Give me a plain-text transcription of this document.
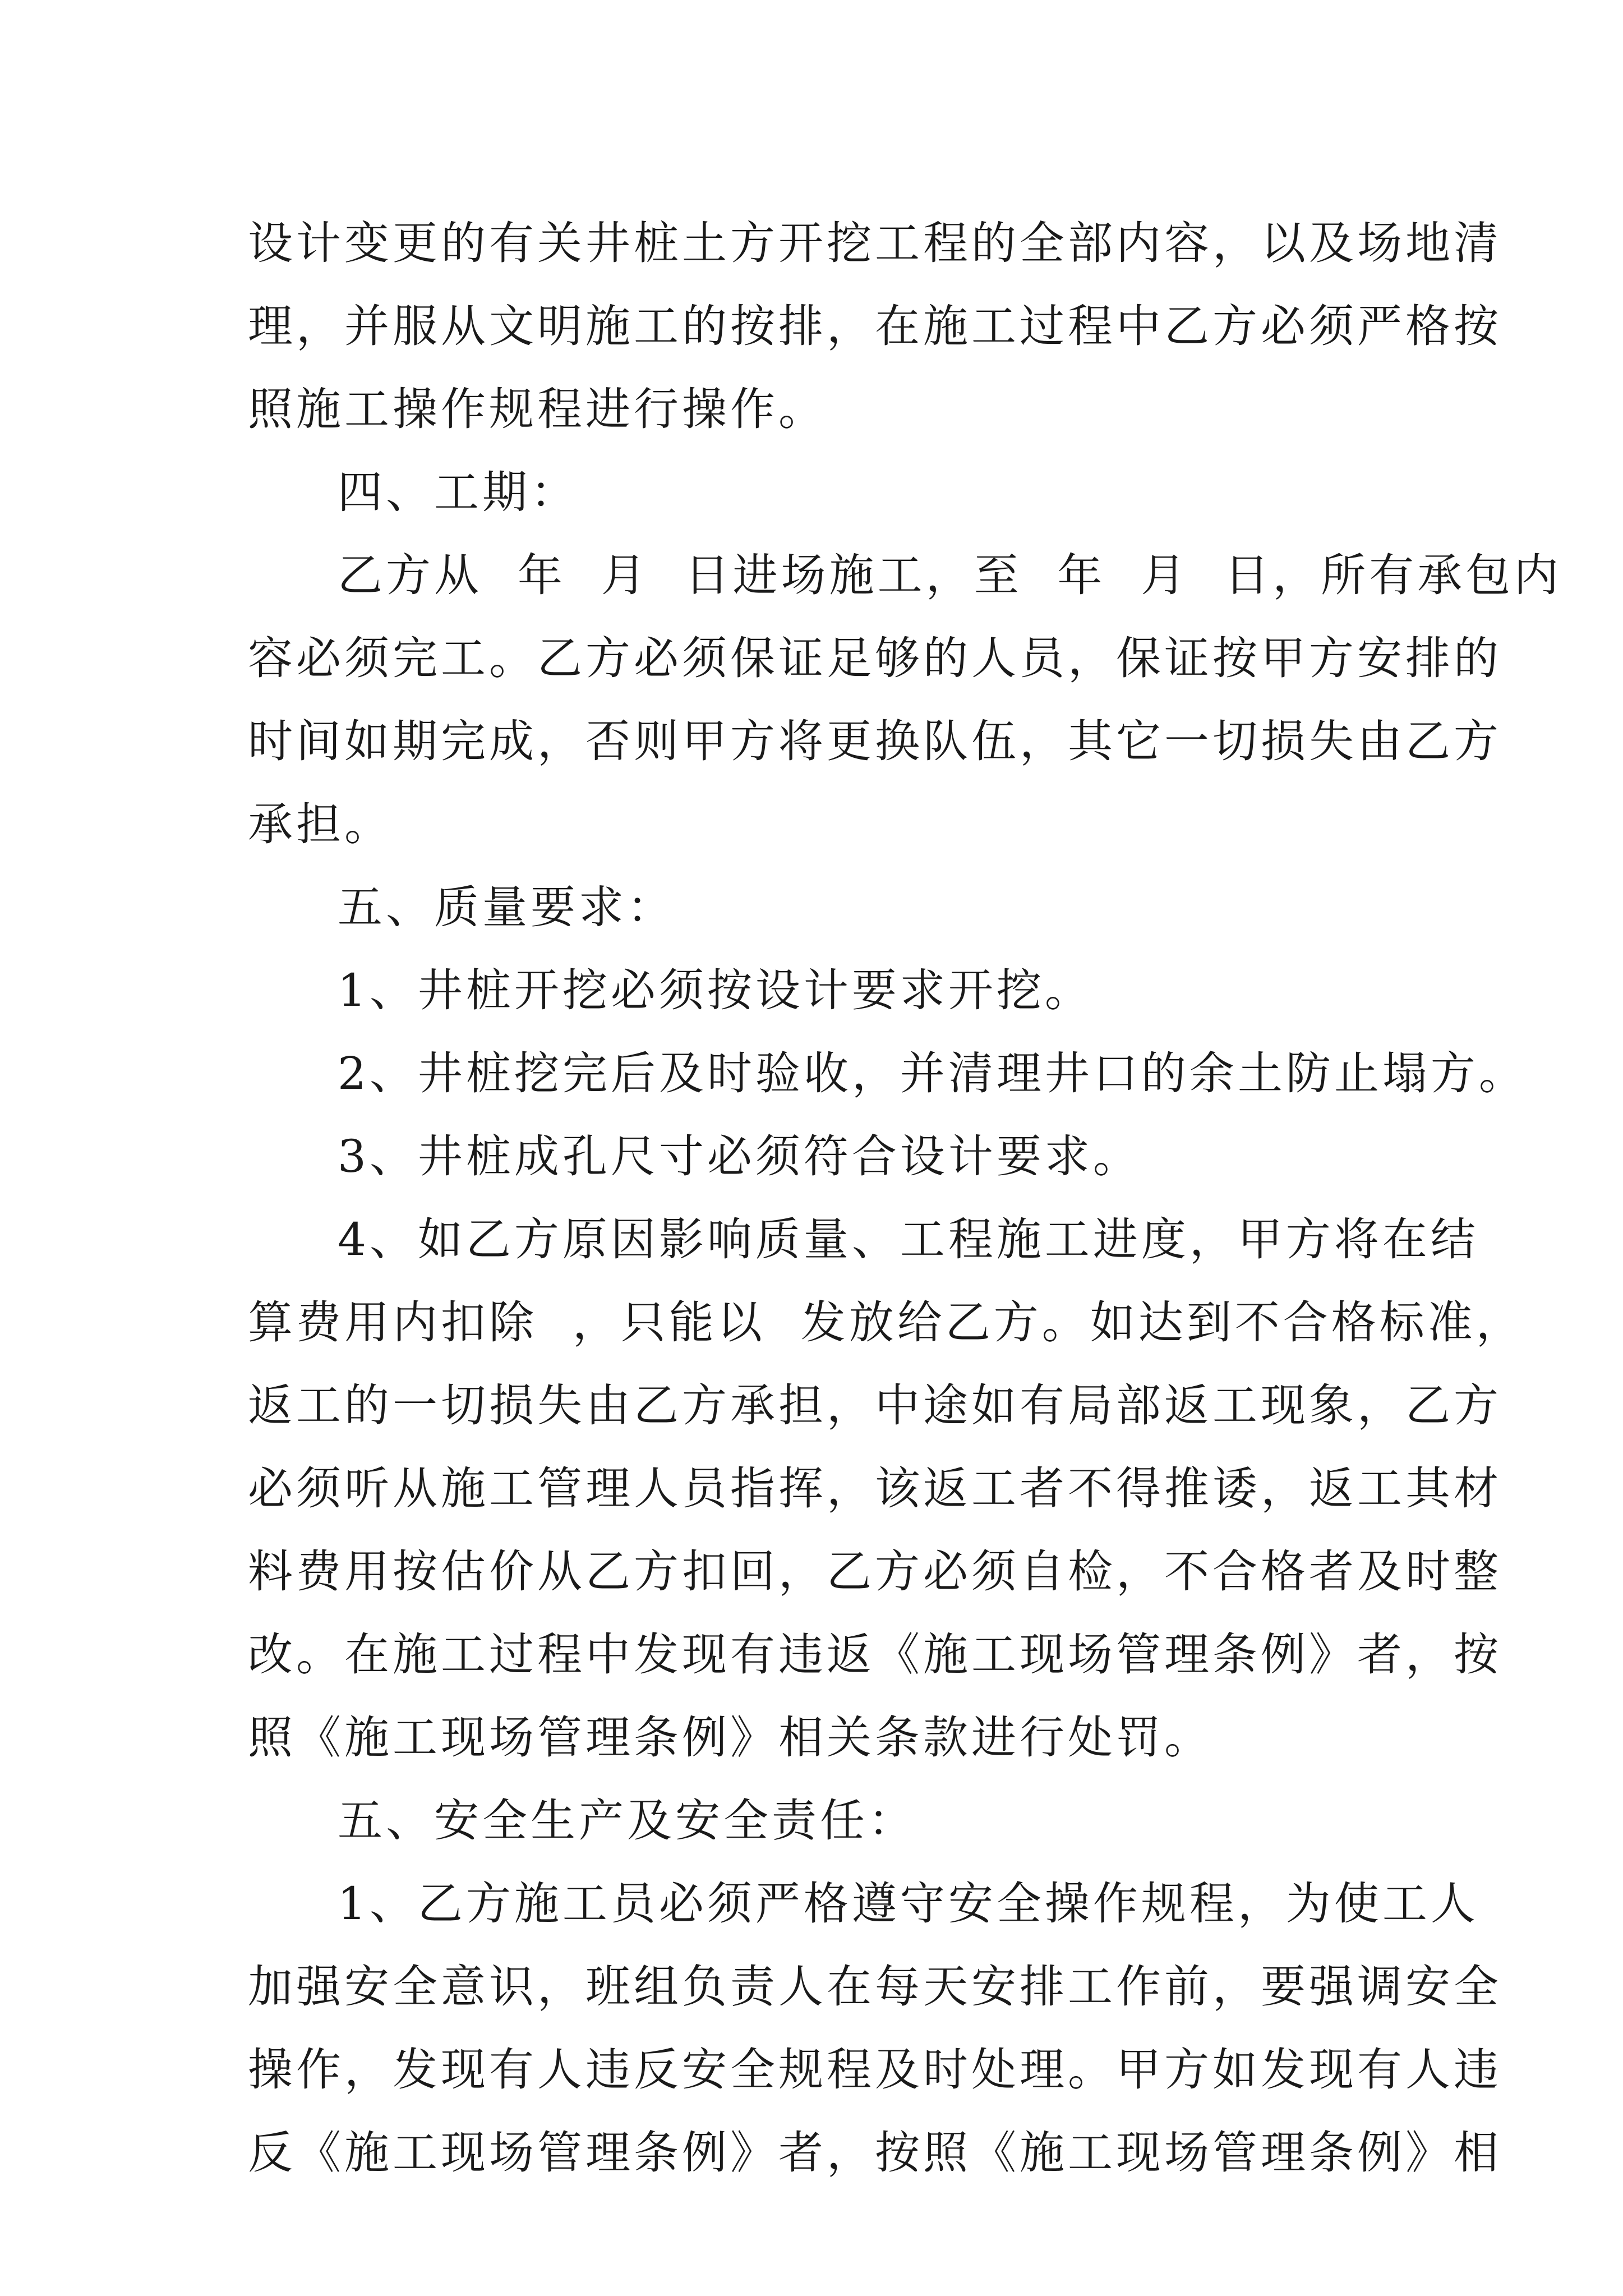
设计变更的有关井桩土方开挖工程的全部内容，以及场地清
理，并服从文明施工的按排，在施工过程中乙方必须严格按
照施工操作规程进行操作。
四、工期：
乙方从  年  月  日进场施工，至  年  月  日，所有承包内
容必须完工。乙方必须保证足够的人员，保证按甲方安排的
时间如期完成，否则甲方将更换队伍，其它一切损失由乙方
承担。
五、质量要求：
1、井桩开挖必须按设计要求开挖。
2、井桩挖完后及时验收，并清理井口的余土防止塌方。
3、井桩成孔尺寸必须符合设计要求。
4、如乙方原因影响质量、工程施工进度，甲方将在结
算费用内扣除  ，只能以  发放给乙方。如达到不合格标准，
返工的一切损失由乙方承担，中途如有局部返工现象，乙方
必须听从施工管理人员指挥，该返工者不得推诿，返工其材
料费用按估价从乙方扣回，乙方必须自检，不合格者及时整
改。在施工过程中发现有违返《施工现场管理条例》者，按
照《施工现场管理条例》相关条款进行处罚。
五、安全生产及安全责任：
1、乙方施工员必须严格遵守安全操作规程，为使工人
加强安全意识，班组负责人在每天安排工作前，要强调安全
操作，发现有人违反安全规程及时处理。甲方如发现有人违
反《施工现场管理条例》者，按照《施工现场管理条例》相
